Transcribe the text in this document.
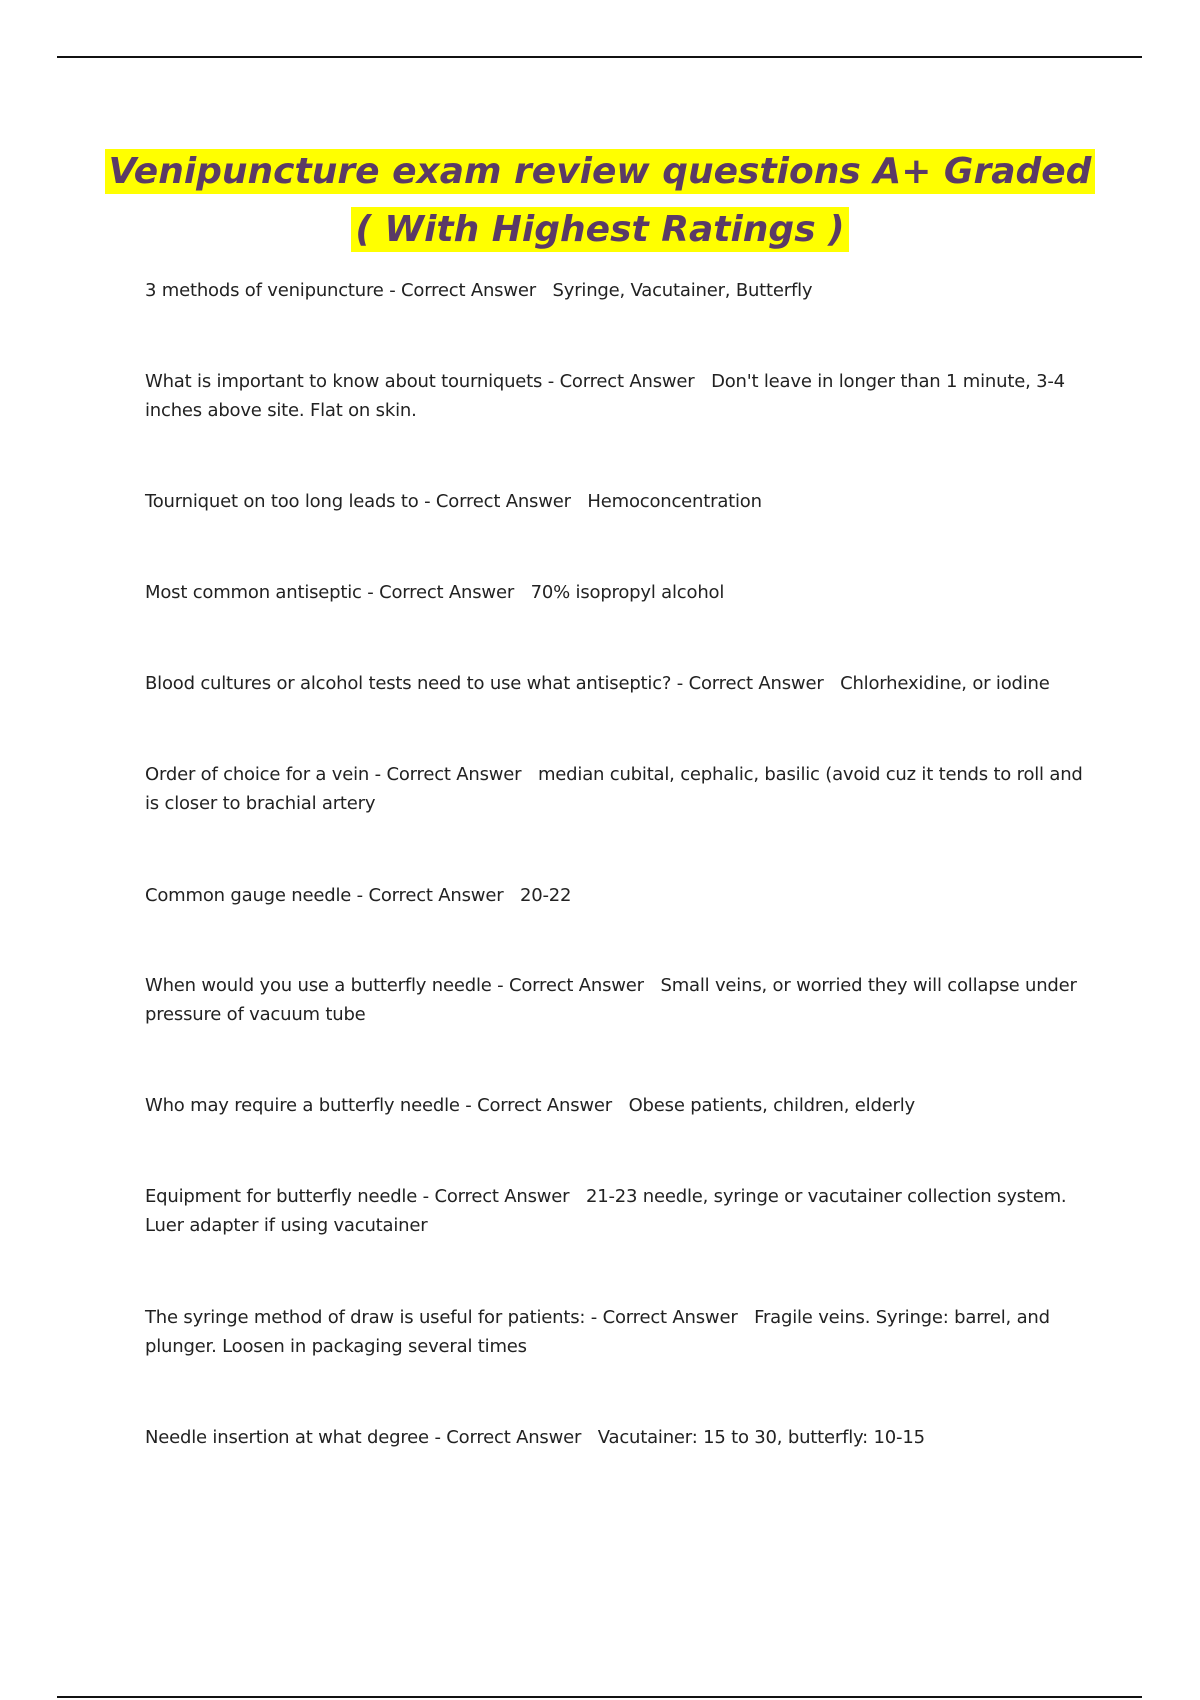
Venipuncture exam review questions A+ Graded
( With Highest Ratings )

3 methods of venipuncture - Correct Answer Syringe, Vacutainer, Butterfly

What is important to know about tourniquets - Correct Answer Don't leave in longer than 1 minute, 3-4 inches above site. Flat on skin.

Tourniquet on too long leads to - Correct Answer Hemoconcentration

Most common antiseptic - Correct Answer 70% isopropyl alcohol

Blood cultures or alcohol tests need to use what antiseptic? - Correct Answer Chlorhexidine, or iodine

Order of choice for a vein - Correct Answer median cubital, cephalic, basilic (avoid cuz it tends to roll and is closer to brachial artery

Common gauge needle - Correct Answer 20-22

When would you use a butterfly needle - Correct Answer Small veins, or worried they will collapse under pressure of vacuum tube

Who may require a butterfly needle - Correct Answer Obese patients, children, elderly

Equipment for butterfly needle - Correct Answer 21-23 needle, syringe or vacutainer collection system. Luer adapter if using vacutainer

The syringe method of draw is useful for patients: - Correct Answer Fragile veins. Syringe: barrel, and plunger. Loosen in packaging several times

Needle insertion at what degree - Correct Answer Vacutainer: 15 to 30, butterfly: 10-15
